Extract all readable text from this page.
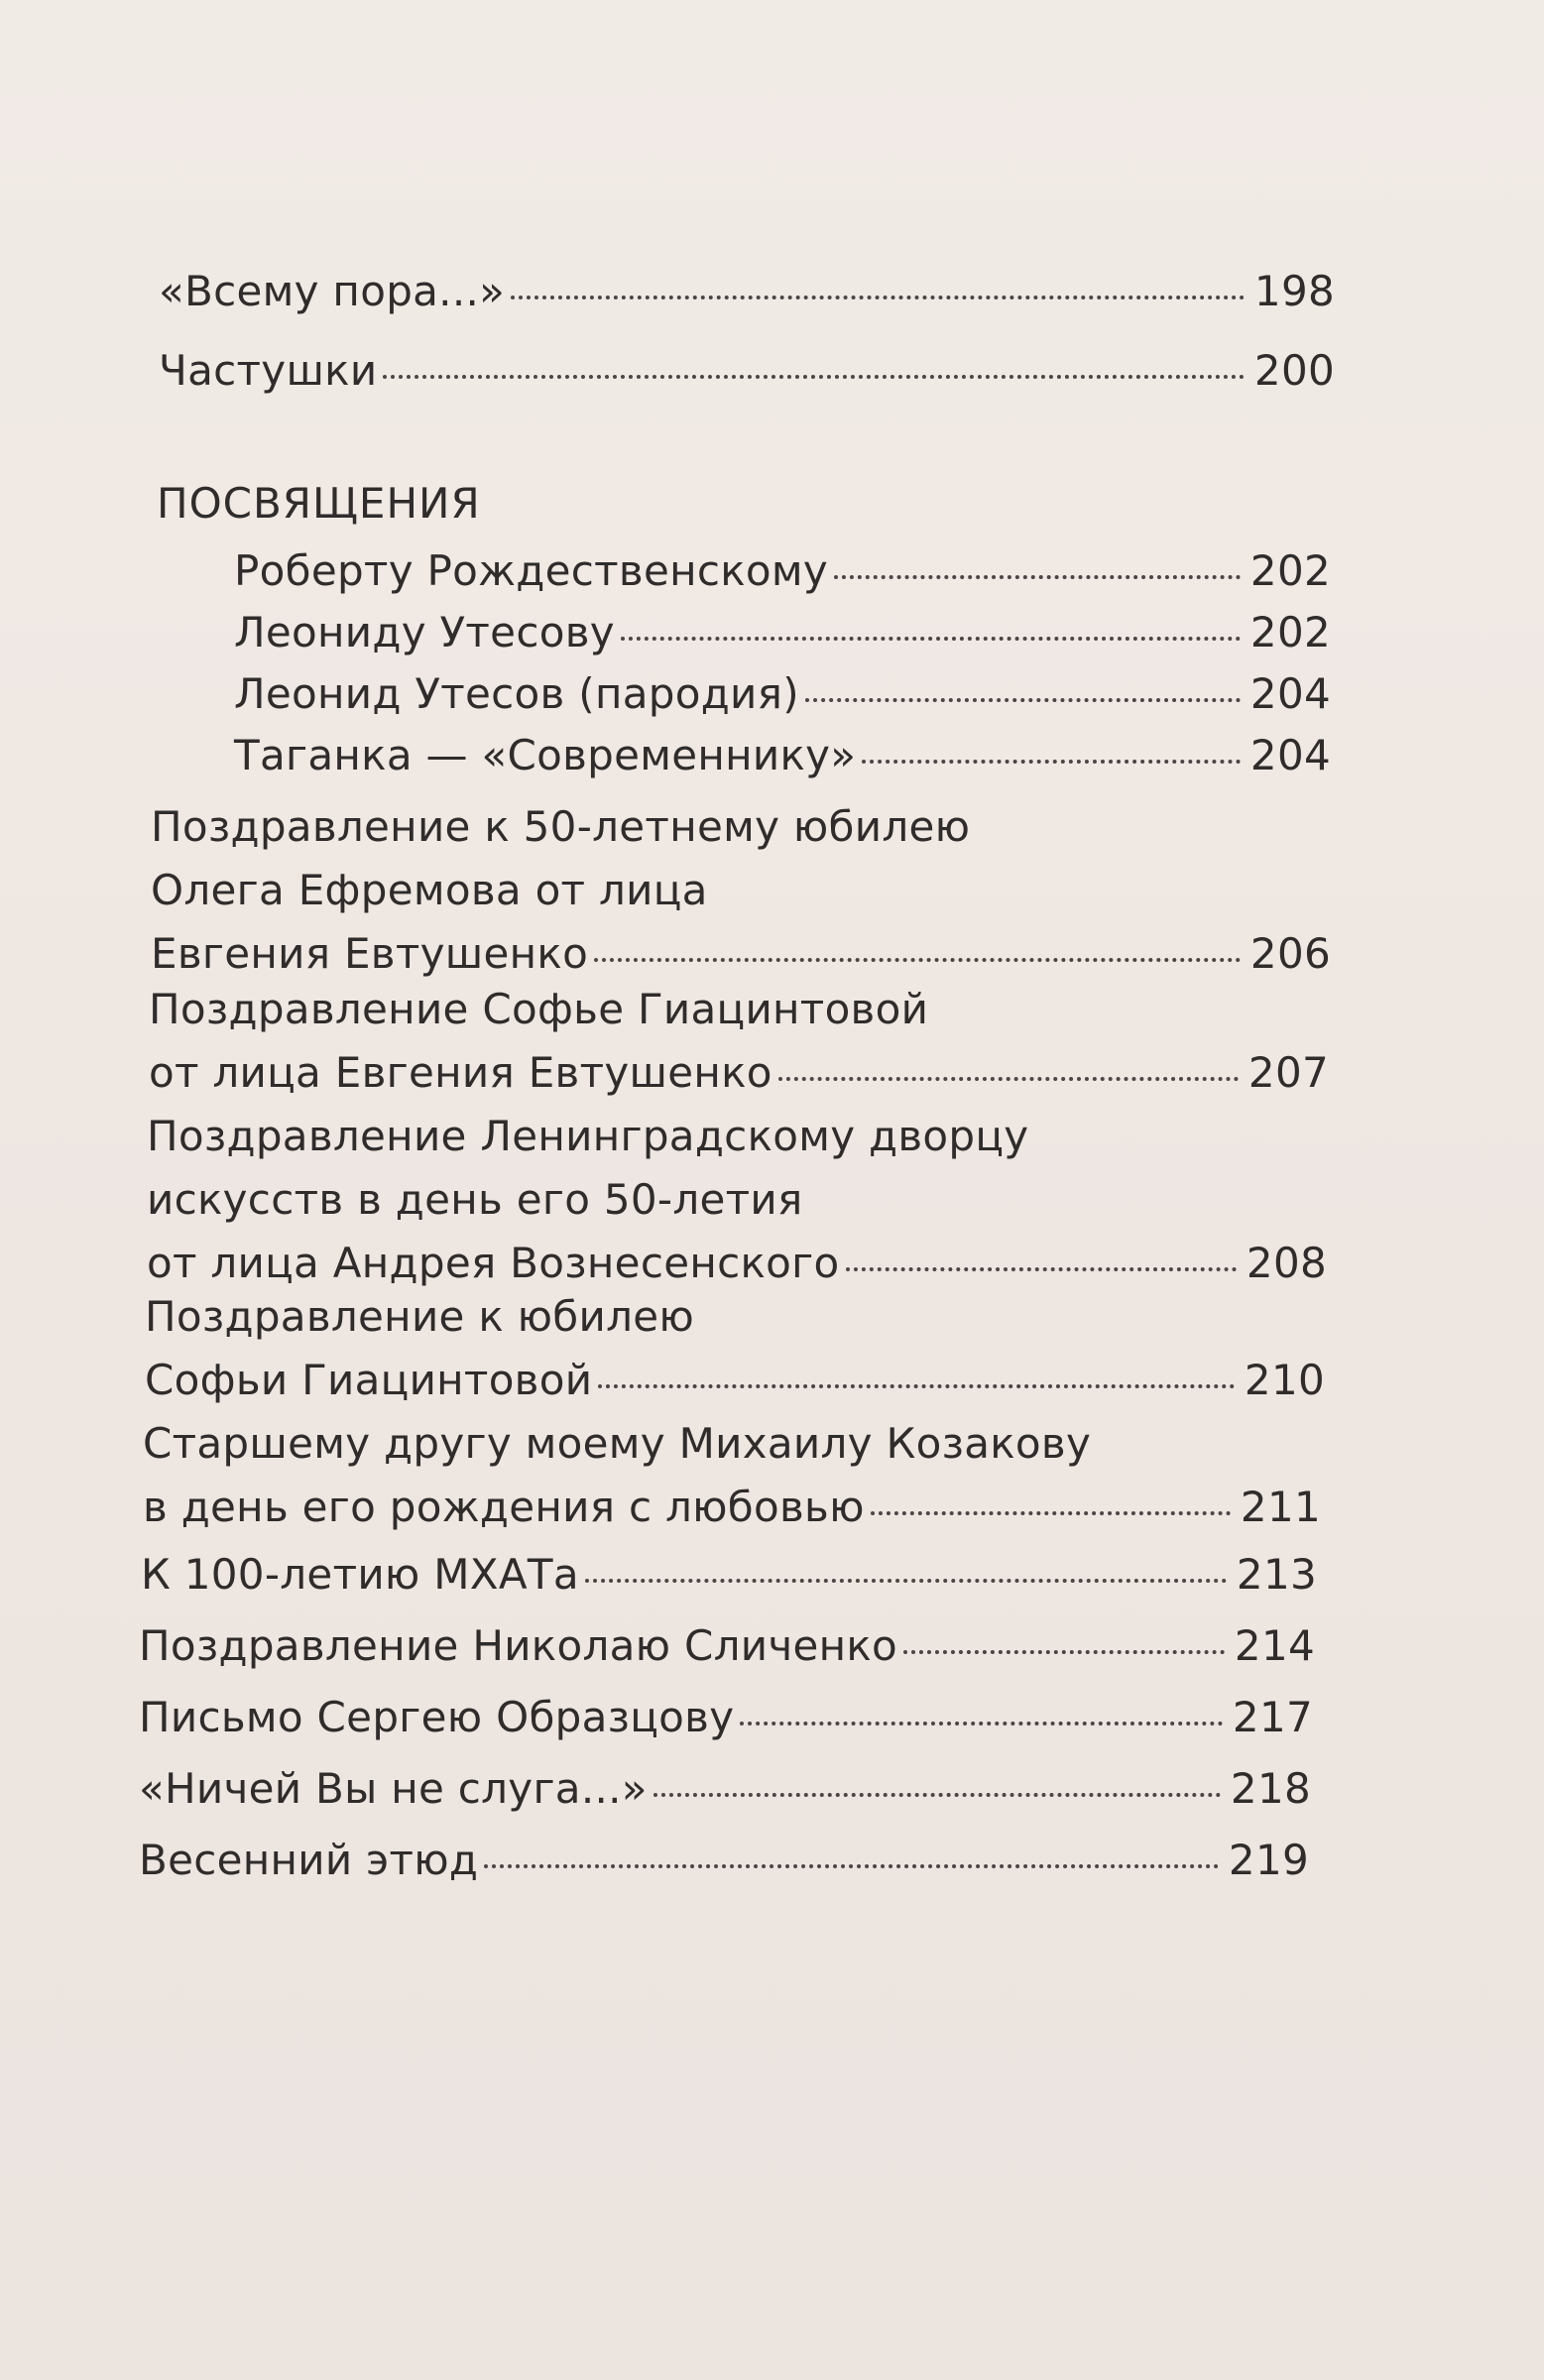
«Всему пора...»	198
Частушки	200
ПОСВЯЩЕНИЯ
Роберту Рождественскому	202
Леониду Утесову	202
Леонид Утесов (пародия)	204
Таганка — «Современнику»	204
Поздравление к 50-летнему юбилею
Олега Ефремова от лица
Евгения Евтушенко	206
Поздравление Софье Гиацинтовой
от лица Евгения Евтушенко	207
Поздравление Ленинградскому дворцу
искусств в день его 50-летия
от лица Андрея Вознесенского	208
Поздравление к юбилею
Софьи Гиацинтовой	210
Старшему другу моему Михаилу Козакову
в день его рождения с любовью	211
К 100-летию МХАТа	213
Поздравление Николаю Сличенко	214
Письмо Сергею Образцову	217
«Ничей Вы не слуга...»	218
Весенний этюд	219
